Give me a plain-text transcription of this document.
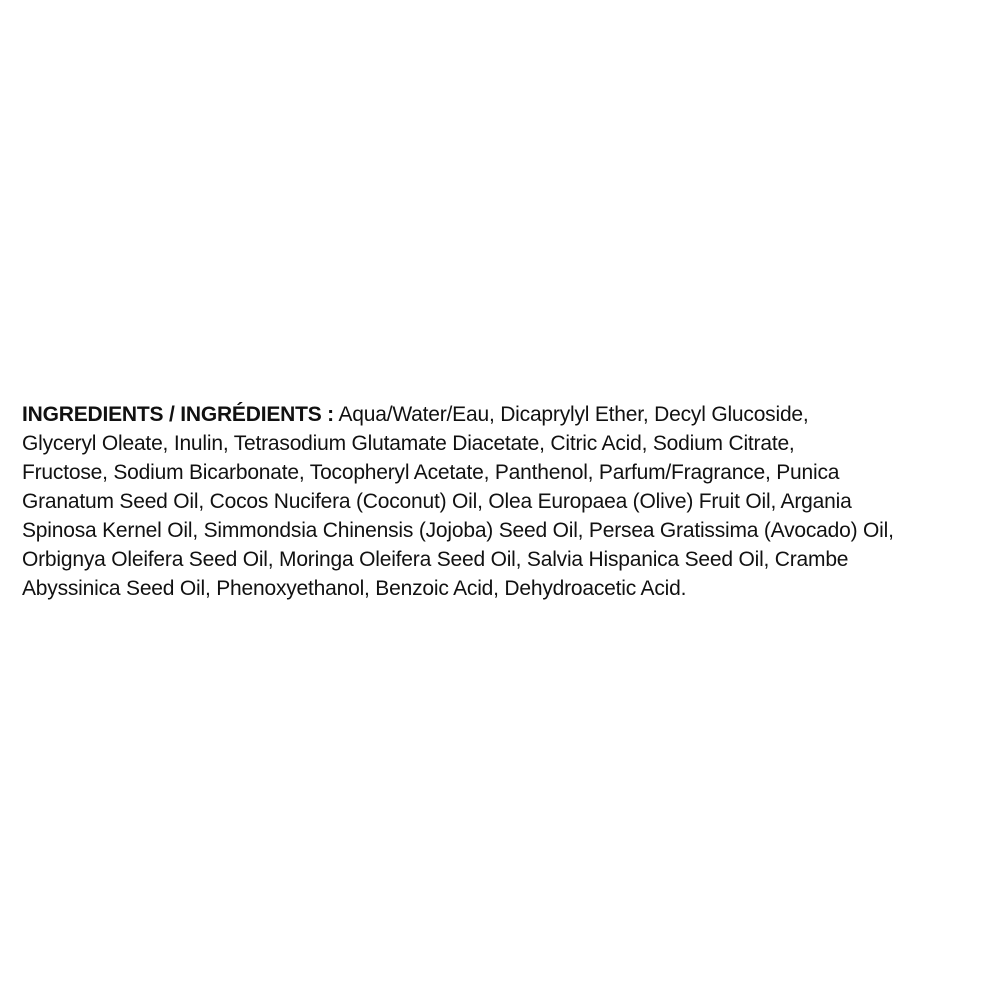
INGREDIENTS / INGRÉDIENTS : Aqua/Water/Eau, Dicaprylyl Ether, Decyl Glucoside,
Glyceryl Oleate, Inulin, Tetrasodium Glutamate Diacetate, Citric Acid, Sodium Citrate,
Fructose, Sodium Bicarbonate, Tocopheryl Acetate, Panthenol, Parfum/Fragrance, Punica
Granatum Seed Oil, Cocos Nucifera (Coconut) Oil, Olea Europaea (Olive) Fruit Oil, Argania
Spinosa Kernel Oil, Simmondsia Chinensis (Jojoba) Seed Oil, Persea Gratissima (Avocado) Oil,
Orbignya Oleifera Seed Oil, Moringa Oleifera Seed Oil, Salvia Hispanica Seed Oil, Crambe
Abyssinica Seed Oil, Phenoxyethanol, Benzoic Acid, Dehydroacetic Acid.
